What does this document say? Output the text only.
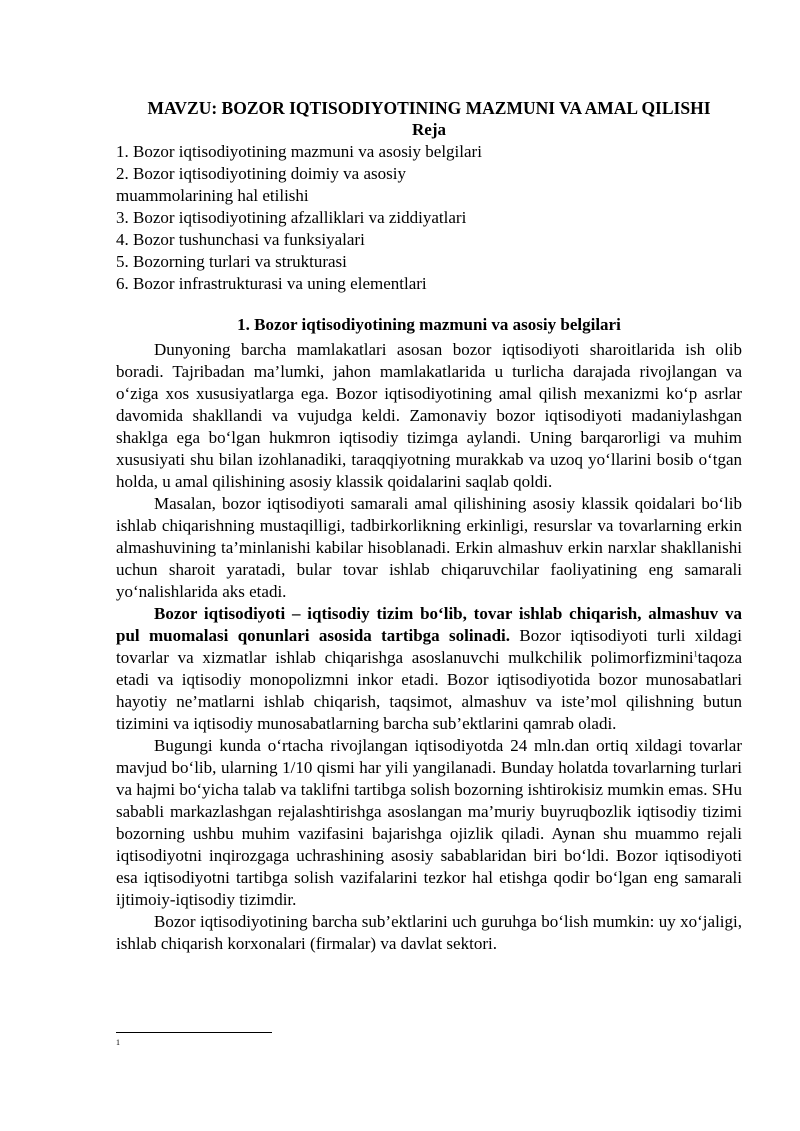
MAVZU: BOZOR IQTISODIYOTINING MAZMUNI VA AMAL QILISHI

Reja

1. Bozor iqtisodiyotining mazmuni va asosiy belgilari
2. Bozor iqtisodiyotining doimiy va asosiy muammolarining hal etilishi
3. Bozor iqtisodiyotining afzalliklari va ziddiyatlari
4. Bozor tushunchasi va funksiyalari
5. Bozorning turlari va strukturasi
6. Bozor infrastrukturasi va uning elementlari

1. Bozor iqtisodiyotining mazmuni va asosiy belgilari

Dunyoning barcha mamlakatlari asosan bozor iqtisodiyoti sharoitlarida ish olib boradi. Tajribadan ma’lumki, jahon mamlakatlarida u turlicha darajada rivojlangan va o‘ziga xos xususiyatlarga ega. Bozor iqtisodiyotining amal qilish mexanizmi ko‘p asrlar davomida shakllandi va vujudga keldi. Zamonaviy bozor iqtisodiyoti madaniylashgan shaklga ega bo‘lgan hukmron iqtisodiy tizimga aylandi. Uning barqarorligi va muhim xususiyati shu bilan izohlanadiki, taraqqiyotning murakkab va uzoq yo‘llarini bosib o‘tgan holda, u amal qilishining asosiy klassik qoidalarini saqlab qoldi.

Masalan, bozor iqtisodiyoti samarali amal qilishining asosiy klassik qoidalari bo‘lib ishlab chiqarishning mustaqilligi, tadbirkorlikning erkinligi, resurslar va tovarlarning erkin almashuvining ta’minlanishi kabilar hisoblanadi. Erkin almashuv erkin narxlar shakllanishi uchun sharoit yaratadi, bular tovar ishlab chiqaruvchilar faoliyatining eng samarali yo‘nalishlarida aks etadi.

Bozor iqtisodiyoti – iqtisodiy tizim bo‘lib, tovar ishlab chiqarish, almashuv va pul muomalasi qonunlari asosida tartibga solinadi. Bozor iqtisodiyoti turli xildagi tovarlar va xizmatlar ishlab chiqarishga asoslanuvchi mulkchilik polimorfizmini$^1$taqoza etadi va iqtisodiy monopolizmni inkor etadi. Bozor iqtisodiyotida bozor munosabatlari hayotiy ne’matlarni ishlab chiqarish, taqsimot, almashuv va iste’mol qilishning butun tizimini va iqtisodiy munosabatlarning barcha sub’ektlarini qamrab oladi.

Bugungi kunda o‘rtacha rivojlangan iqtisodiyotda 24 mln.dan ortiq xildagi tovarlar mavjud bo‘lib, ularning 1/10 qismi har yili yangilanadi. Bunday holatda tovarlarning turlari va hajmi bo‘yicha talab va taklifni tartibga solish bozorning ishtirokisiz mumkin emas. SHu sababli markazlashgan rejalashtirishga asoslangan ma’muriy buyruqbozlik iqtisodiy tizimi bozorning ushbu muhim vazifasini bajarishga ojizlik qiladi. Aynan shu muammo rejali iqtisodiyotni inqirozgaga uchrashining asosiy sabablaridan biri bo‘ldi. Bozor iqtisodiyoti esa iqtisodiyotni tartibga solish vazifalarini tezkor hal etishga qodir bo‘lgan eng samarali ijtimoiy-iqtisodiy tizimdir.

Bozor iqtisodiyotining barcha sub’ektlarini uch guruhga bo‘lish mumkin: uy xo‘jaligi, ishlab chiqarish korxonalari (firmalar) va davlat sektori.

1
